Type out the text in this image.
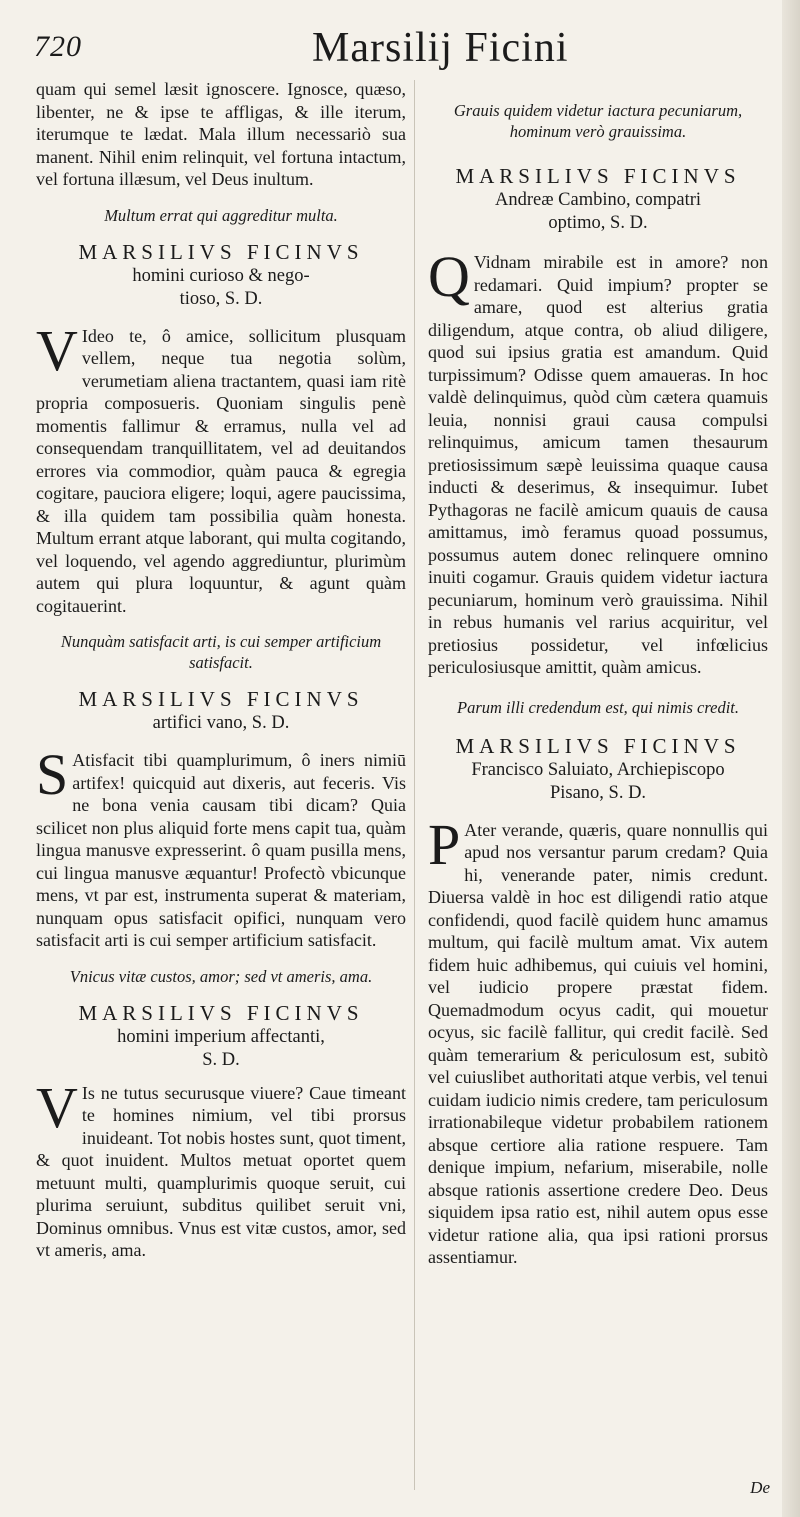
720	Marsilij Ficini

quam qui semel læsit ignoscere. Ignosce, quæso, libenter, ne & ipse te affligas, & ille iterum, iterumque te lædat. Mala illum necessariò sua manent. Nihil enim relinquit, vel fortuna intactum, vel fortuna illæsum, vel Deus inultum.

Multum errat qui aggreditur multa.

MARSILIVS FICINVS

homini curioso & nego-

tioso, S. D.

V Ideo te, ô amice, sollicitum plusquam vellem, neque tua negotia solùm, verumetiam aliena tractantem, quasi iam ritè propria composueris. Quoniam singulis penè momentis fallimur & erramus, nulla vel ad consequendam tranquillitatem, vel ad deuitandos errores via commodior, quàm pauca & egregia cogitare, pauciora eligere; loqui, agere paucissima, & illa quidem tam possibilia quàm honesta. Multum errant atque laborant, qui multa cogitando, vel loquendo, vel agendo aggrediuntur, plurimùm autem qui plura loquuntur, & agunt quàm cogitauerint.

Nunquàm satisfacit arti, is cui semper artificium satisfacit.

MARSILIVS FICINVS

artifici vano, S. D.

S Atisfacit tibi quamplurimum, ô iners nimiū artifex! quicquid aut dixeris, aut feceris. Vis ne bona venia causam tibi dicam? Quia scilicet non plus aliquid forte mens capit tua, quàm lingua manusve expresserint. ô quam pusilla mens, cui lingua manusve æquantur! Profectò vbicunque mens, vt par est, instrumenta superat & materiam, nunquam opus satisfacit opifici, nunquam vero satisfacit arti is cui semper artificium satisfacit.

Vnicus vitæ custos, amor; sed vt ameris, ama.

MARSILIVS FICINVS

homini imperium affectanti,

S. D.

V Is ne tutus securusque viuere? Caue timeant te homines nimium, vel tibi prorsus inuideant. Tot nobis hostes sunt, quot timent, & quot inuident. Multos metuat oportet quem metuunt multi, quamplurimis quoque seruit, cui plurima seruiunt, subditus quilibet seruit vni, Dominus omnibus. Vnus est vitæ custos, amor, sed vt ameris, ama.

Grauis quidem videtur iactura pecuniarum, hominum verò grauissima.

MARSILIVS FICINVS

Andreæ Cambino, compatri

optimo, S. D.

Q Vidnam mirabile est in amore? non redamari. Quid impium? propter se amare, quod est alterius gratia diligendum, atque contra, ob aliud diligere, quod sui ipsius gratia est amandum. Quid turpissimum? Odisse quem amaueras. In hoc valdè delinquimus, quòd cùm cætera quamuis leuia, nonnisi graui causa compulsi relinquimus, amicum tamen thesaurum pretiosissimum sæpè leuissima quaque causa inducti & deserimus, & insequimur. Iubet Pythagoras ne facilè amicum quauis de causa amittamus, imò feramus quoad possumus, possumus autem donec relinquere omnino inuiti cogamur. Grauis quidem videtur iactura pecuniarum, hominum verò grauissima. Nihil in rebus humanis vel rarius acquiritur, vel pretiosius possidetur, vel infœlicius periculosiusque amittit, quàm amicus.

Parum illi credendum est, qui nimis credit.

MARSILIVS FICINVS

Francisco Saluiato, Archiepiscopo

Pisano, S. D.

P Ater verande, quæris, quare nonnullis qui apud nos versantur parum credam? Quia hi, venerande pater, nimis credunt. Diuersa valdè in hoc est diligendi ratio atque confidendi, quod facilè quidem hunc amamus multum, qui facilè multum amat. Vix autem fidem huic adhibemus, qui cuiuis vel homini, vel iudicio propere præstat fidem. Quemadmodum ocyus cadit, qui mouetur ocyus, sic facilè fallitur, qui credit facilè. Sed quàm temerarium & periculosum est, subitò vel cuiuslibet authoritati atque verbis, vel tenui cuidam iudicio nimis credere, tam periculosum irrationabileque videtur probabilem rationem absque certiore alia ratione respuere. Tam denique impium, nefarium, miserabile, nolle absque rationis assertione credere Deo. Deus siquidem ipsa ratio est, nihil autem opus esse videtur ratione alia, qua ipsi rationi prorsus assentiamur.

De
